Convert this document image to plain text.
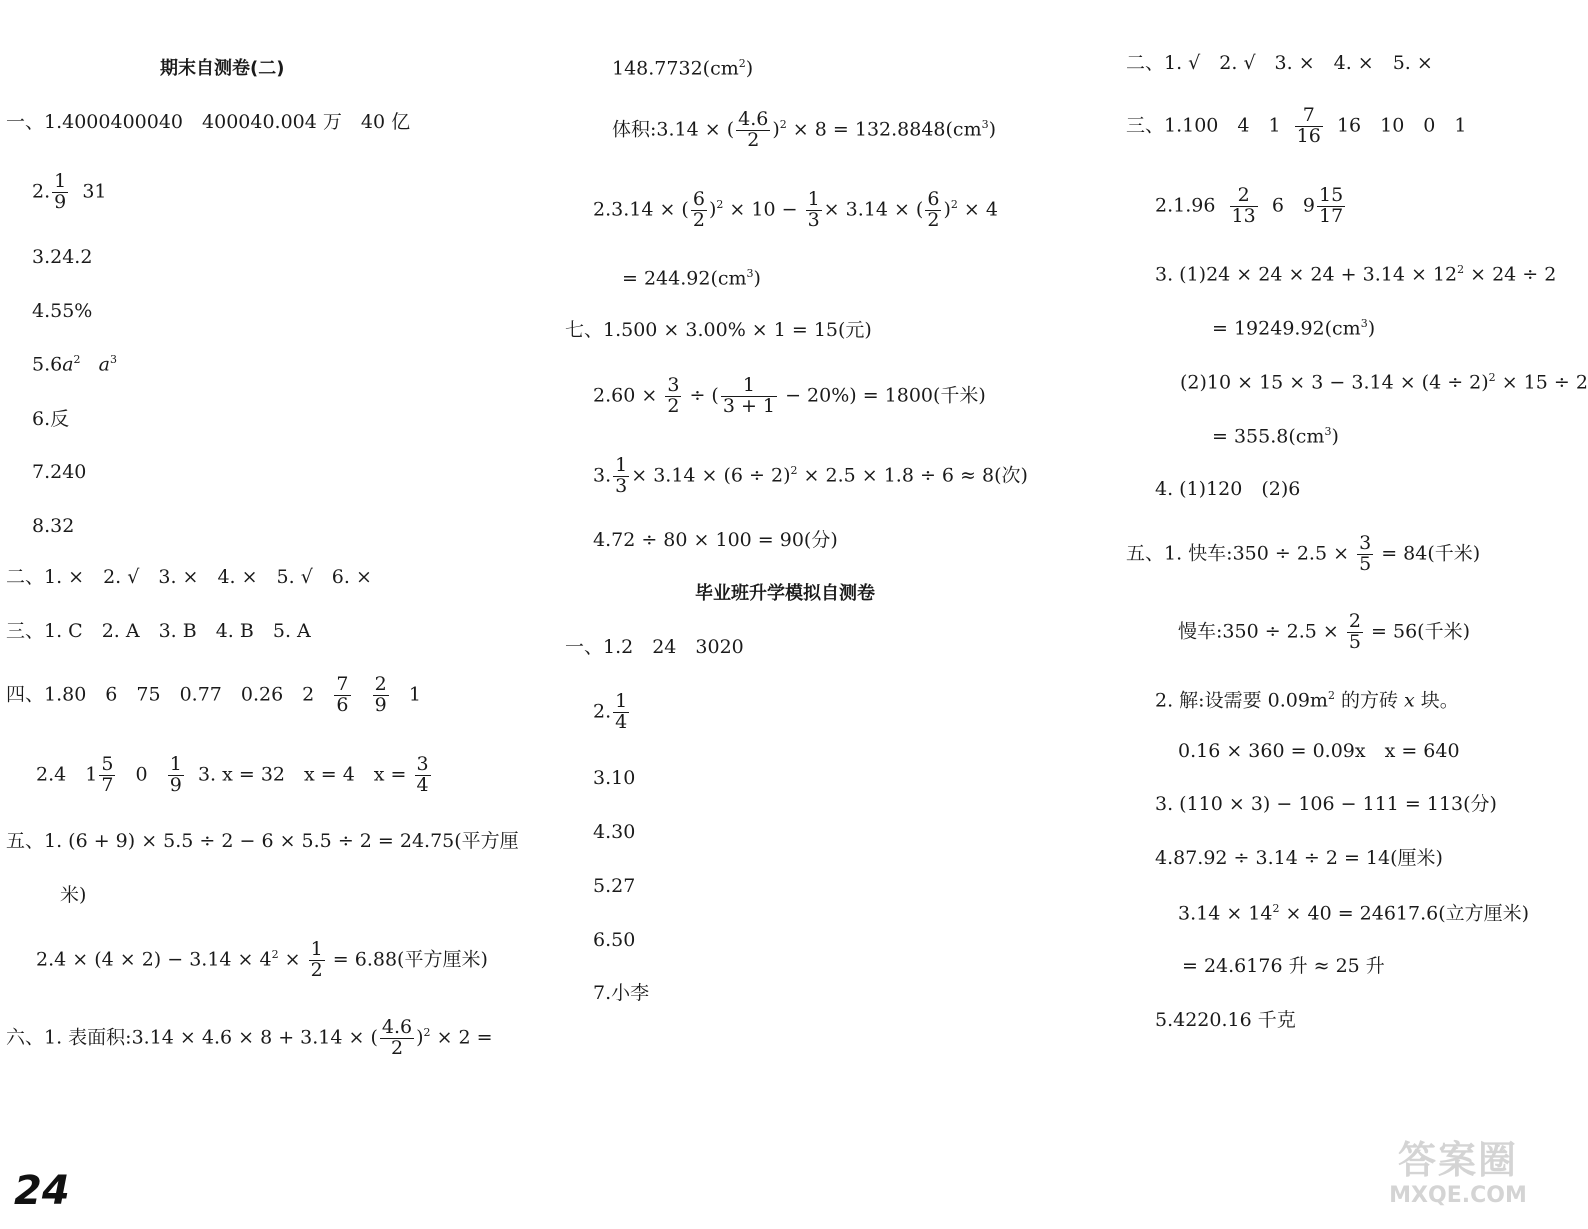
期末自测卷(二)
一、1.4000400040　400040.004 万　40 亿
2. $\frac{1}{9} 31$
3.24.2
4.55%
$5.6a^2$ $a^3$
6.反
7.240
8.32
二、1. ×　2. √　3. ×　4. ×　5. √　6. ×
三、1. C　2. A　3. B　4. B　5. A
四、1.80　6　75　0.77　0.26　$2 \frac{7}{6}$
$\frac{2}{9} 1$
2.4　$1 \frac{5}{7} 0 \frac{1}{9} 3$. x = 32　x = 4　$x = \frac{3}{4}$
五、1. (6 + 9) × 5.5 ÷ 2 − 6 × 5.5 ÷ 2 = 24.75(平方厘
米)
$2.4 \times (4 \times 2) - 3.14 \times 4^2 \times \frac{1}{2} = 6.88$(平方厘米)
六、1. 表面积:3.14 × 4.6 × 8 + 3.14 × ( $\frac{4.6}{2} )^2 \times 2$ =
$148.7732(cm^2)$
体积:3.14 × ( $\frac{4.6}{2} )^2 \times 8 = 132.8848(cm^3)$
2.3.14 × ( $\frac{6}{2} )^2 \times 10 - \frac{1}{3} \times 3.14$ × ( $\frac{6}{2} )^2 \times 4$
= $244.92(cm^3)$
七、1.500 × 3.00% × 1 = 15(元)
$2.60 \times \frac{3}{2}$ ÷ ( $\frac{1}{3 + 1} - 20\%) = 1800$(千米)
3. $\frac{1}{3} \times 3.14 \times (6 \div 2)^2 \times 2.5 \times 1.8 \div 6 \approx 8$(次)
4.72 ÷ 80 × 100 = 90(分)
毕业班升学模拟自测卷
一、1.2　24　3020
2. $\frac{1}{4}$
3.10
4.30
5.27
6.50
7.小李
二、1. √　2. √　3. ×　4. ×　5. ×
三、1.100　4　$1 \frac{7}{16} 16$　10　0　1
$2.1.96 \frac{2}{13} 6$　$9 \frac{15}{17}$
3. $(1)24 \times 24 \times 24 + 3.14 \times 12^2 \times 24 \div 2$
= $19249.92(cm^3)$
$(2)10 \times 15 \times 3 - 3.14 \times (4 \div 2)^2 \times 15 \div 2$
= $355.8(cm^3)$
4. (1)120　(2)6
五、1. 快车:350 ÷ $2.5 \times \frac{3}{5} = 84$(千米)
慢车:350 ÷ $2.5 \times \frac{2}{5} = 56$(千米)
2. 解:设需要 $0.09m^2$ 的方砖 x 块。
0.16 × 360 = 0.09x　x = 640
3. (110 × 3) − 106 − 111 = 113(分)
4.87.92 ÷ 3.14 ÷ 2 = 14(厘米)
$3.14 \times 14^2 \times 40 = 24617.6$(立方厘米)
= 24.6176 升 ≈ 25 升
5.4220.16 千克
24
答案圈
MXQE.COM
